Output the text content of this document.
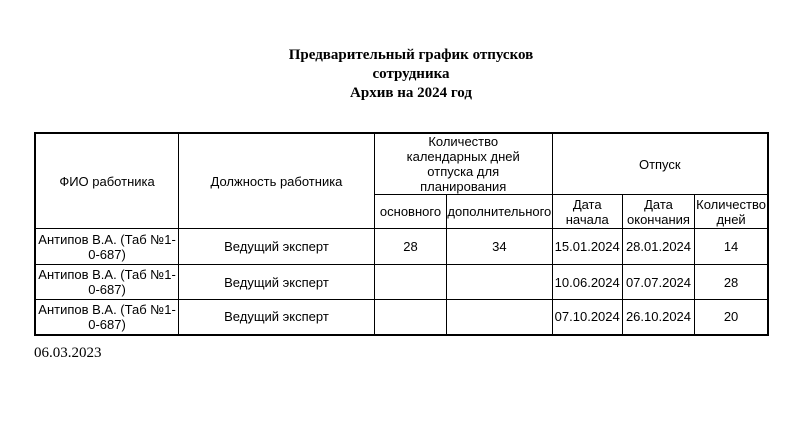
Предварительный график отпусков
сотрудника
Архив на 2024 год
ФИО работника	Должность работника	Количество календарных дней отпуска для планирования		Отпуск		
		основного	дополнительного	Дата начала	Дата окончания	Количество дней
Антипов В.А. (Таб №1-0-687)	Ведущий эксперт	28	34	15.01.2024	28.01.2024	14
Антипов В.А. (Таб №1-0-687)	Ведущий эксперт			10.06.2024	07.07.2024	28
Антипов В.А. (Таб №1-0-687)	Ведущий эксперт			07.10.2024	26.10.2024	20
06.03.2023
